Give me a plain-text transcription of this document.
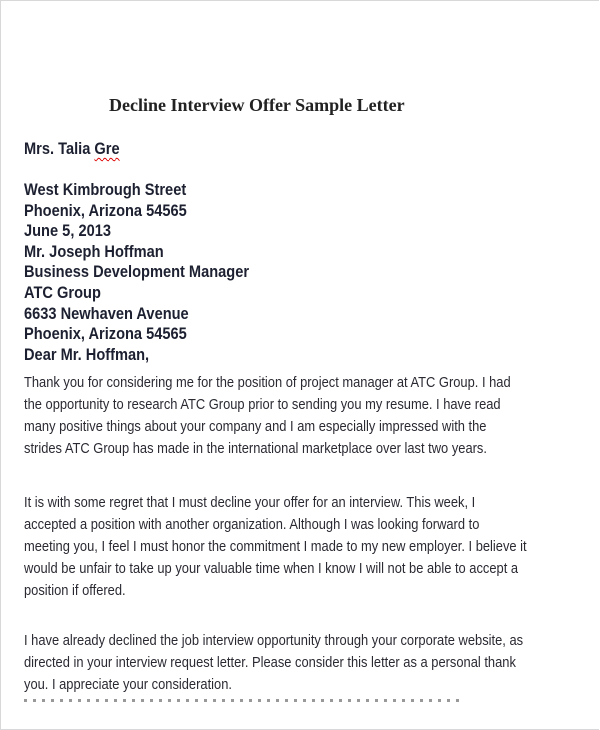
Decline Interview Offer Sample Letter
Mrs. Talia Gre
West Kimbrough Street
Phoenix, Arizona 54565
June 5, 2013
Mr. Joseph Hoffman
Business Development Manager
ATC Group
6633 Newhaven Avenue
Phoenix, Arizona 54565
Dear Mr. Hoffman,
Thank you for considering me for the position of project manager at ATC Group. I had
the opportunity to research ATC Group prior to sending you my resume. I have read
many positive things about your company and I am especially impressed with the
strides ATC Group has made in the international marketplace over last two years.
It is with some regret that I must decline your offer for an interview. This week, I
accepted a position with another organization. Although I was looking forward to
meeting you, I feel I must honor the commitment I made to my new employer. I believe it
would be unfair to take up your valuable time when I know I will not be able to accept a
position if offered.
I have already declined the job interview opportunity through your corporate website, as
directed in your interview request letter. Please consider this letter as a personal thank
you. I appreciate your consideration.
